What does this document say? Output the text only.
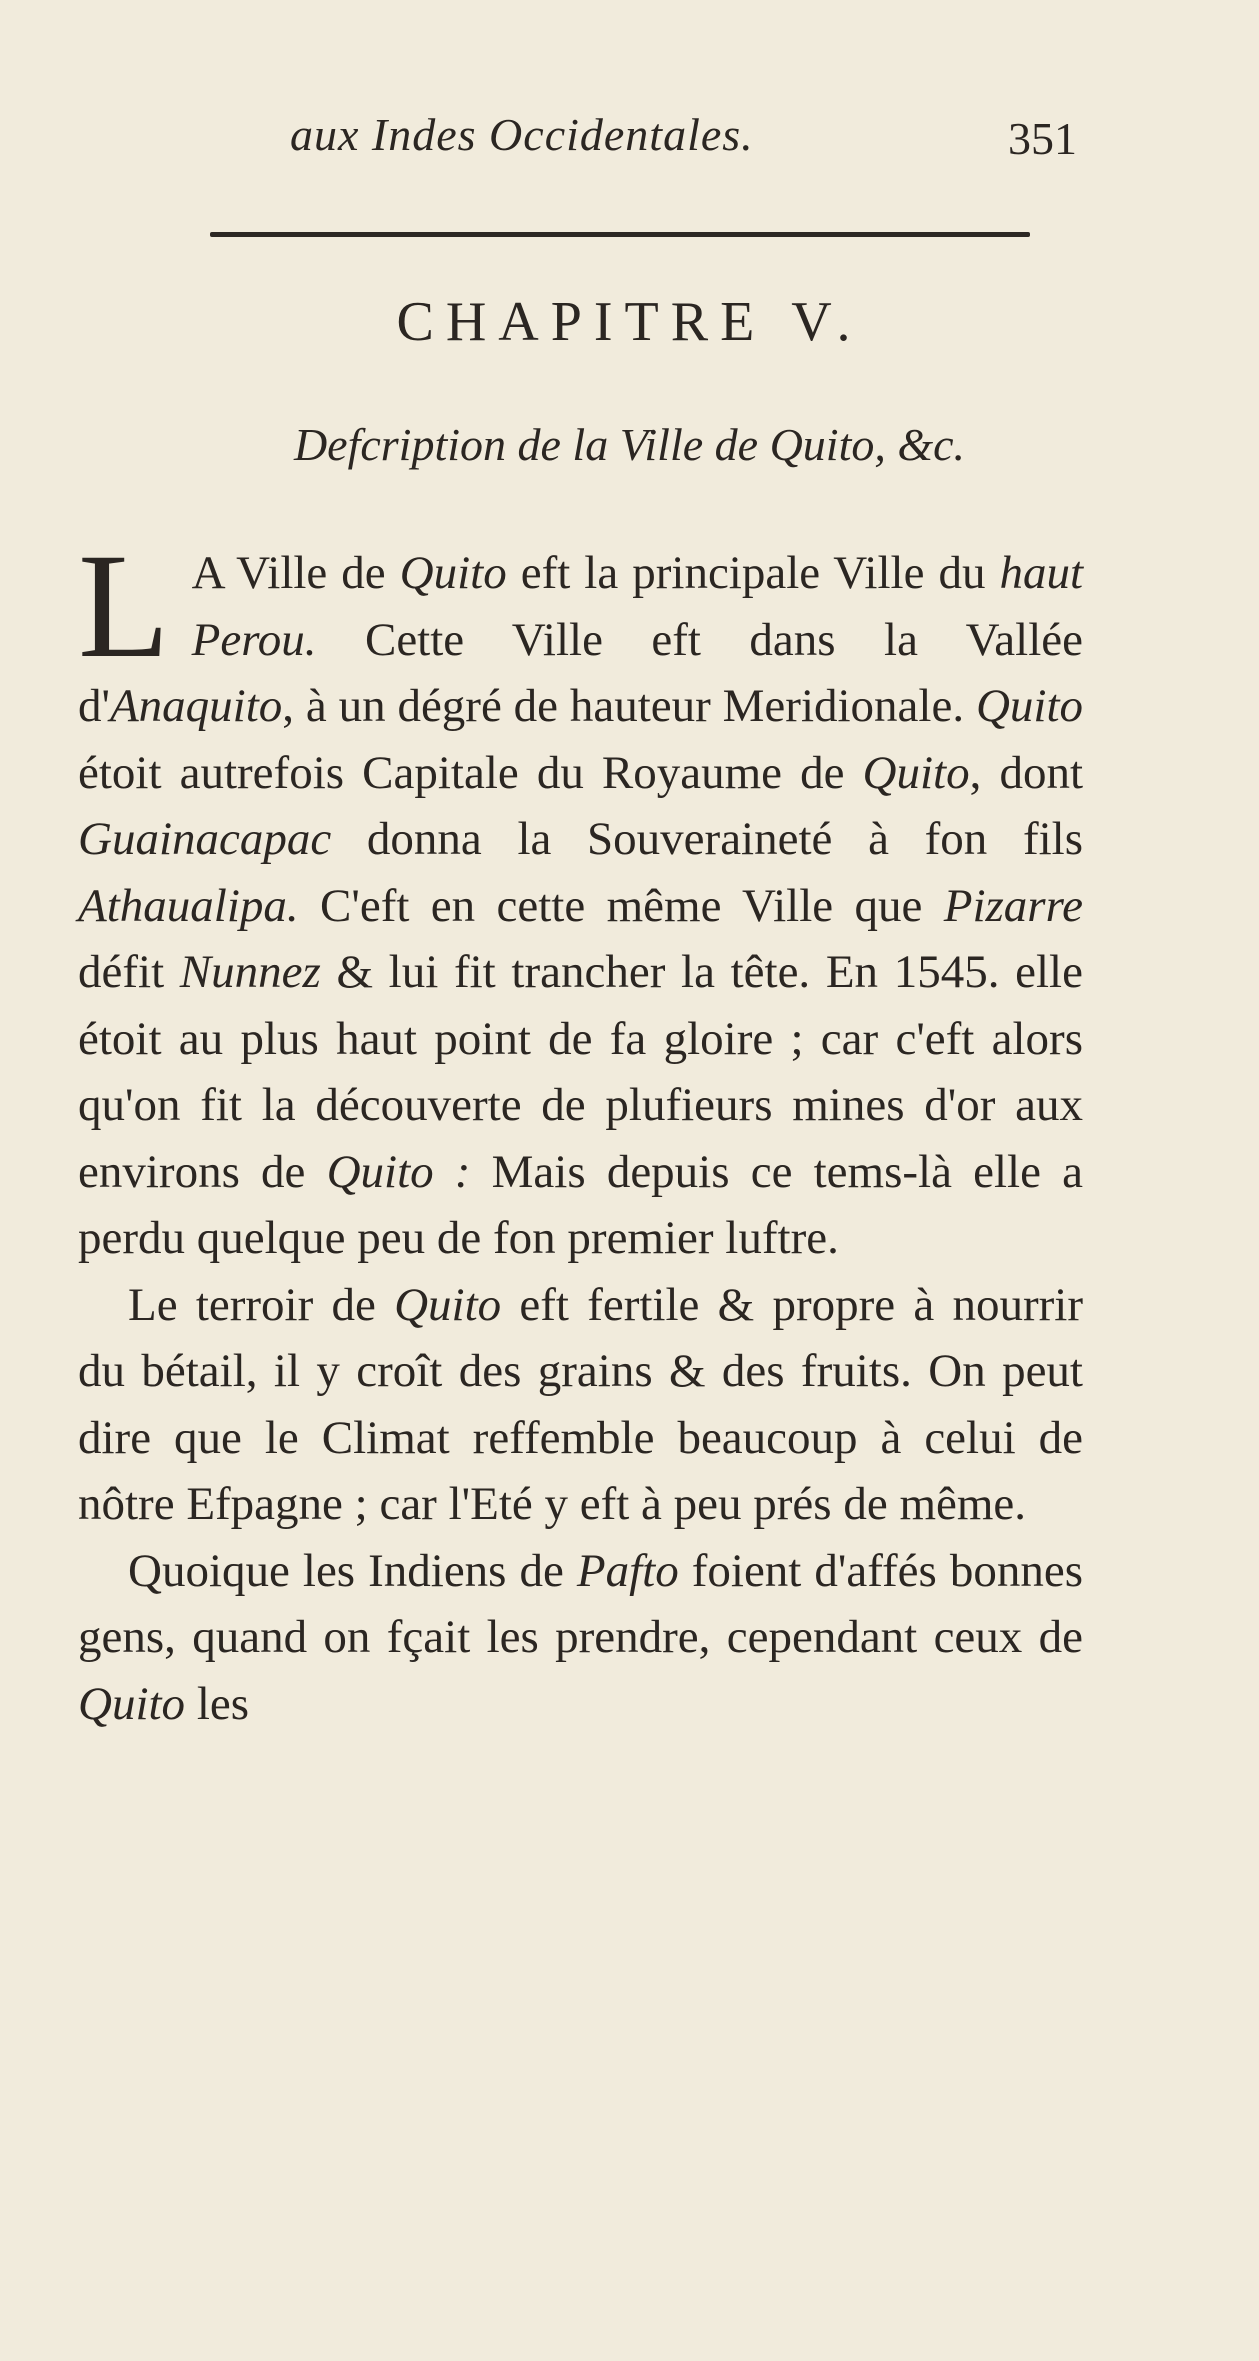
aux Indes Occidentales.	351
CHAPITRE V.
Defcription de la Ville de Quito, &c.

L A Ville de Quito eft la principale Ville du haut Perou. Cette Ville eft dans la Vallée d'Anaquito, à un dégré de hauteur Meridionale. Quito étoit autrefois Capitale du Royaume de Quito, dont Guainacapac donna la Souveraineté à fon fils Athaualipa. C'eft en cette même Ville que Pizarre défit Nunnez & lui fit trancher la tête. En 1545. elle étoit au plus haut point de fa gloire ; car c'eft alors qu'on fit la découverte de plufieurs mines d'or aux environs de Quito : Mais depuis ce tems-là elle a perdu quelque peu de fon premier luftre.

Le terroir de Quito eft fertile & propre à nourrir du bétail, il y croît des grains & des fruits. On peut dire que le Climat reffemble beaucoup à celui de nôtre Efpagne ; car l'Eté y eft à peu prés de même.

Quoique les Indiens de Pafto foient d'affés bonnes gens, quand on fçait les prendre, cependant ceux de Quito les
